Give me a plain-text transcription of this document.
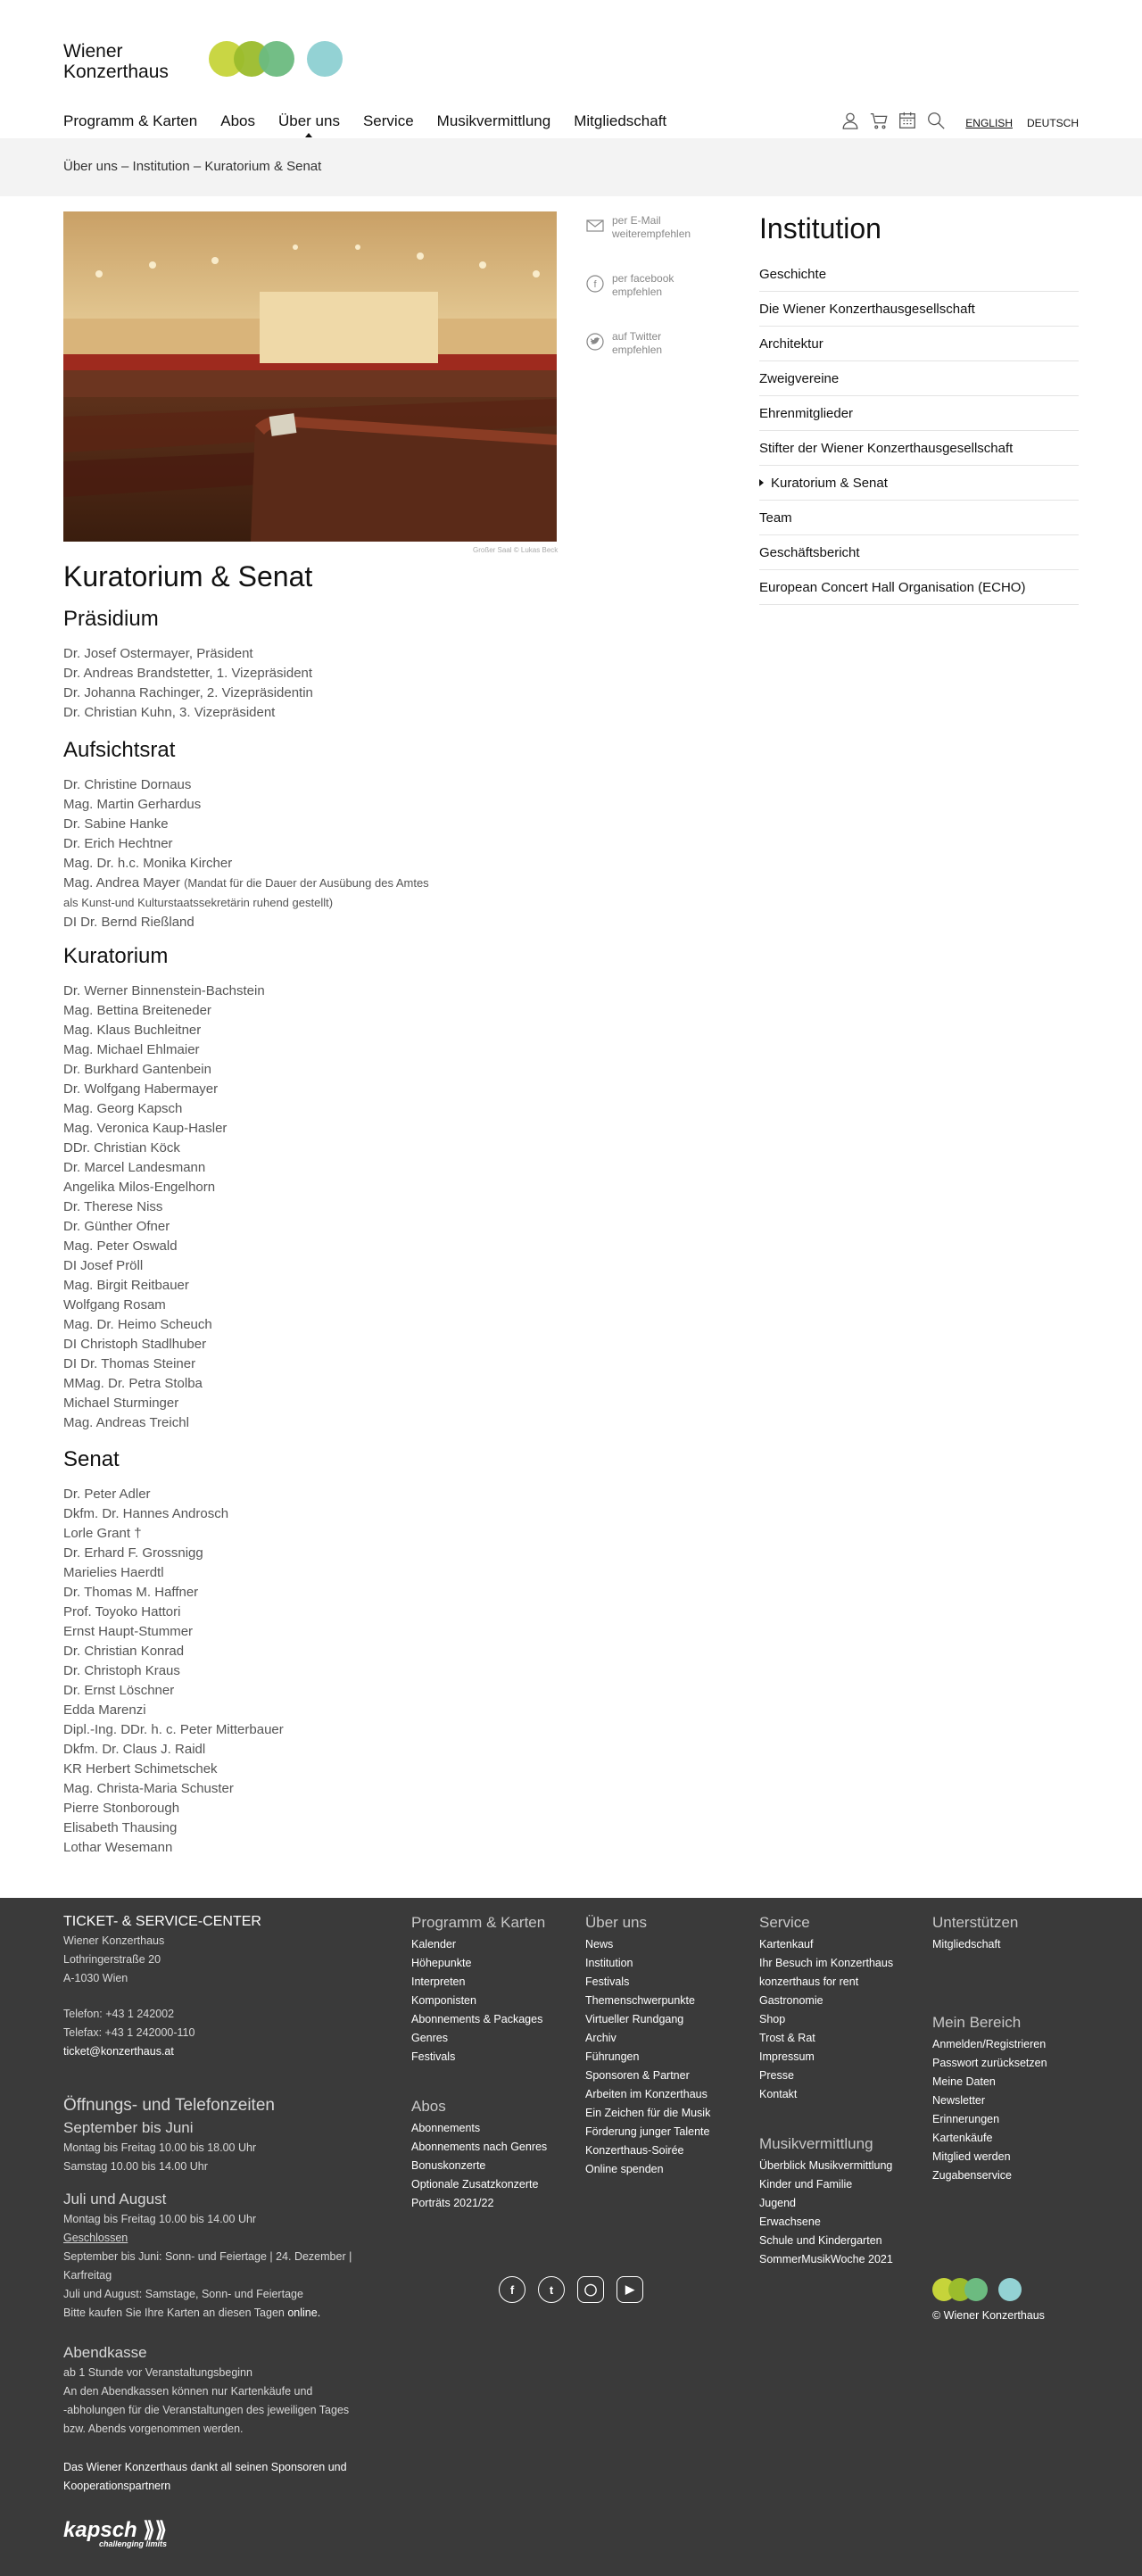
Wiener
Konzerthaus
Programm & Karten Abos Über uns Service Musikvermittlung Mitgliedschaft	ENGLISH DEUTSCH
Über uns – Institution – Kuratorium & Senat
Großer Saal © Lukas Beck
per E-Mail
weiterempfehlen
f per facebook
empfehlen
auf Twitter
empfehlen
Kuratorium & Senat
Präsidium
Dr. Josef Ostermayer, Präsident
Dr. Andreas Brandstetter, 1. Vizepräsident
Dr. Johanna Rachinger, 2. Vizepräsidentin
Dr. Christian Kuhn, 3. Vizepräsident
Aufsichtsrat
Dr. Christine Dornaus
Mag. Martin Gerhardus
Dr. Sabine Hanke
Dr. Erich Hechtner
Mag. Dr. h.c. Monika Kircher
Mag. Andrea Mayer (Mandat für die Dauer der Ausübung des Amtes
als Kunst-und Kulturstaatssekretärin ruhend gestellt)
DI Dr. Bernd Rießland
Kuratorium
Dr. Werner Binnenstein-Bachstein
Mag. Bettina Breiteneder
Mag. Klaus Buchleitner
Mag. Michael Ehlmaier
Dr. Burkhard Gantenbein
Dr. Wolfgang Habermayer
Mag. Georg Kapsch
Mag. Veronica Kaup-Hasler
DDr. Christian Köck
Dr. Marcel Landesmann
Angelika Milos-Engelhorn
Dr. Therese Niss
Dr. Günther Ofner
Mag. Peter Oswald
DI Josef Pröll
Mag. Birgit Reitbauer
Wolfgang Rosam
Mag. Dr. Heimo Scheuch
DI Christoph Stadlhuber
DI Dr. Thomas Steiner
MMag. Dr. Petra Stolba
Michael Sturminger
Mag. Andreas Treichl
Senat
Dr. Peter Adler
Dkfm. Dr. Hannes Androsch
Lorle Grant †
Dr. Erhard F. Grossnigg
Marielies Haerdtl
Dr. Thomas M. Haffner
Prof. Toyoko Hattori
Ernst Haupt-Stummer
Dr. Christian Konrad
Dr. Christoph Kraus
Dr. Ernst Löschner
Edda Marenzi
Dipl.-Ing. DDr. h. c. Peter Mitterbauer
Dkfm. Dr. Claus J. Raidl
KR Herbert Schimetschek
Mag. Christa-Maria Schuster
Pierre Stonborough
Elisabeth Thausing
Lothar Wesemann
Institution
Geschichte
Die Wiener Konzerthausgesellschaft
Architektur
Zweigvereine
Ehrenmitglieder
Stifter der Wiener Konzerthausgesellschaft
Kuratorium & Senat
Team
Geschäftsbericht
European Concert Hall Organisation (ECHO)
TICKET- & SERVICE-CENTER
Wiener Konzerthaus
Lothringerstraße 20
A-1030 Wien
Telefon: +43 1 242002
Telefax: +43 1 242000-110
ticket@konzerthaus.at
Öffnungs- und Telefonzeiten
September bis Juni
Montag bis Freitag 10.00 bis 18.00 Uhr
Samstag 10.00 bis 14.00 Uhr
Juli und August
Montag bis Freitag 10.00 bis 14.00 Uhr
Geschlossen
September bis Juni: Sonn- und Feiertage | 24. Dezember |
Karfreitag
Juli und August: Samstage, Sonn- und Feiertage
Bitte kaufen Sie Ihre Karten an diesen Tagen online.
Abendkasse
ab 1 Stunde vor Veranstaltungsbeginn
An den Abendkassen können nur Kartenkäufe und
-abholungen für die Veranstaltungen des jeweiligen Tages
bzw. Abends vorgenommen werden.
Das Wiener Konzerthaus dankt all seinen Sponsoren und
Kooperationspartnern
kapsch ⟫⟫
challenging limits
Programm & Karten
Kalender
Höhepunkte
Interpreten
Komponisten
Abonnements & Packages
Genres
Festivals
Abos
Abonnements
Abonnements nach Genres
Bonuskonzerte
Optionale Zusatzkonzerte
Porträts 2021/22
Über uns
News
Institution
Festivals
Themenschwerpunkte
Virtueller Rundgang
Archiv
Führungen
Sponsoren & Partner
Arbeiten im Konzerthaus
Ein Zeichen für die Musik
Förderung junger Talente
Konzerthaus-Soirée
Online spenden
Service
Kartenkauf
Ihr Besuch im Konzerthaus
konzerthaus for rent
Gastronomie
Shop
Trost & Rat
Impressum
Presse
Kontakt
Musikvermittlung
Überblick Musikvermittlung
Kinder und Familie
Jugend
Erwachsene
Schule und Kindergarten
SommerMusikWoche 2021
Unterstützen
Mitgliedschaft
Mein Bereich
Anmelden/Registrieren
Passwort zurücksetzen
Meine Daten
Newsletter
Erinnerungen
Kartenkäufe
Mitglied werden
Zugabenservice
f	t	◯	▶
© Wiener Konzerthaus
